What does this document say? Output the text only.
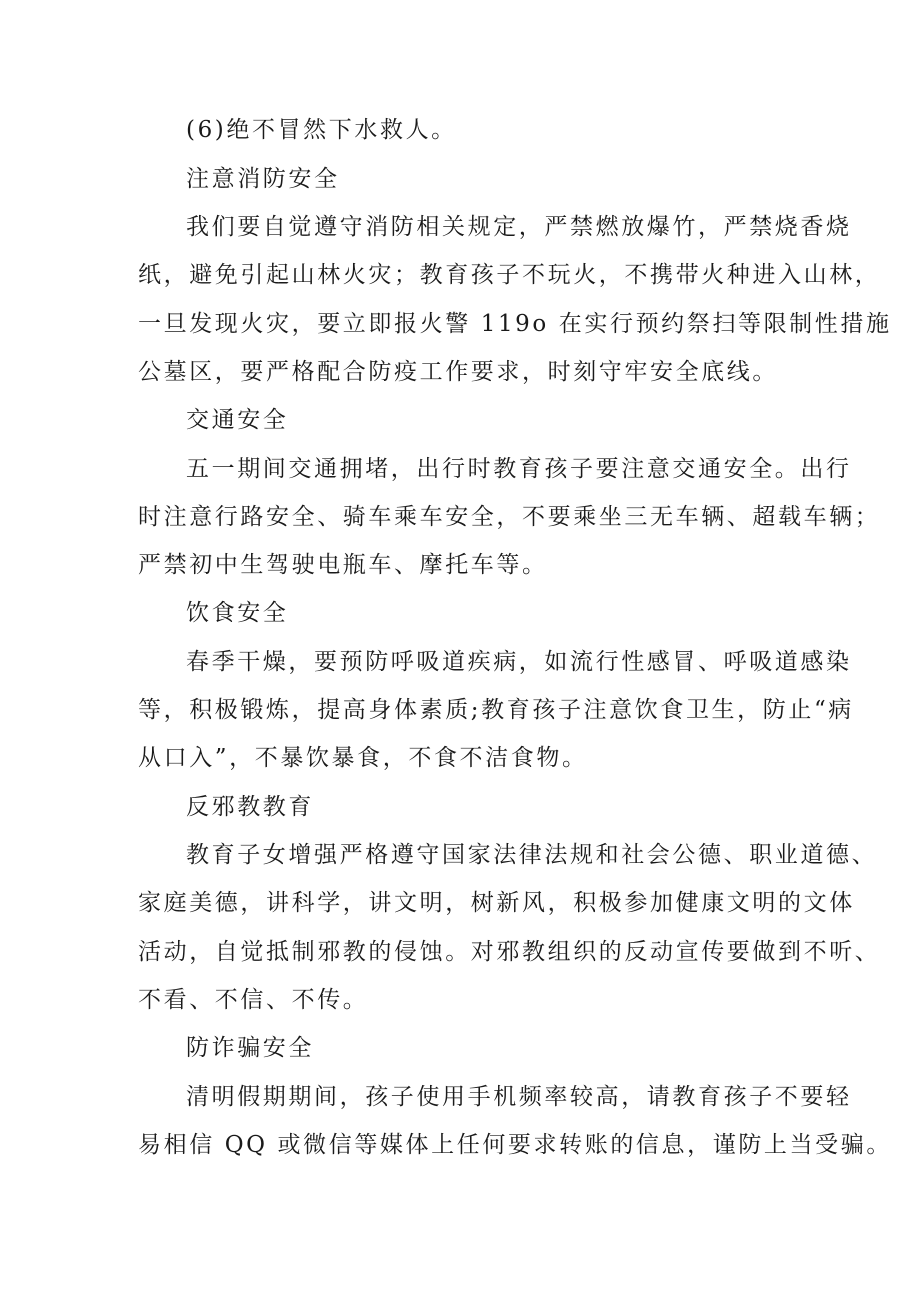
(6)绝不冒然下水救人。
注意消防安全
我们要自觉遵守消防相关规定，严禁燃放爆竹，严禁烧香烧
纸，避免引起山林火灾；教育孩子不玩火，不携带火种进入山林，
一旦发现火灾，要立即报火警 119o 在实行预约祭扫等限制性措施
公墓区，要严格配合防疫工作要求，时刻守牢安全底线。
交通安全
五一期间交通拥堵，出行时教育孩子要注意交通安全。出行
时注意行路安全、骑车乘车安全，不要乘坐三无车辆、超载车辆；
严禁初中生驾驶电瓶车、摩托车等。
饮食安全
春季干燥，要预防呼吸道疾病，如流行性感冒、呼吸道感染
等，积极锻炼，提高身体素质;教育孩子注意饮食卫生，防止“病
从口入”，不暴饮暴食，不食不洁食物。
反邪教教育
教育子女增强严格遵守国家法律法规和社会公德、职业道德、
家庭美德，讲科学，讲文明，树新风，积极参加健康文明的文体
活动，自觉抵制邪教的侵蚀。对邪教组织的反动宣传要做到不听、
不看、不信、不传。
防诈骗安全
清明假期期间，孩子使用手机频率较高，请教育孩子不要轻
易相信 QQ 或微信等媒体上任何要求转账的信息，谨防上当受骗。
